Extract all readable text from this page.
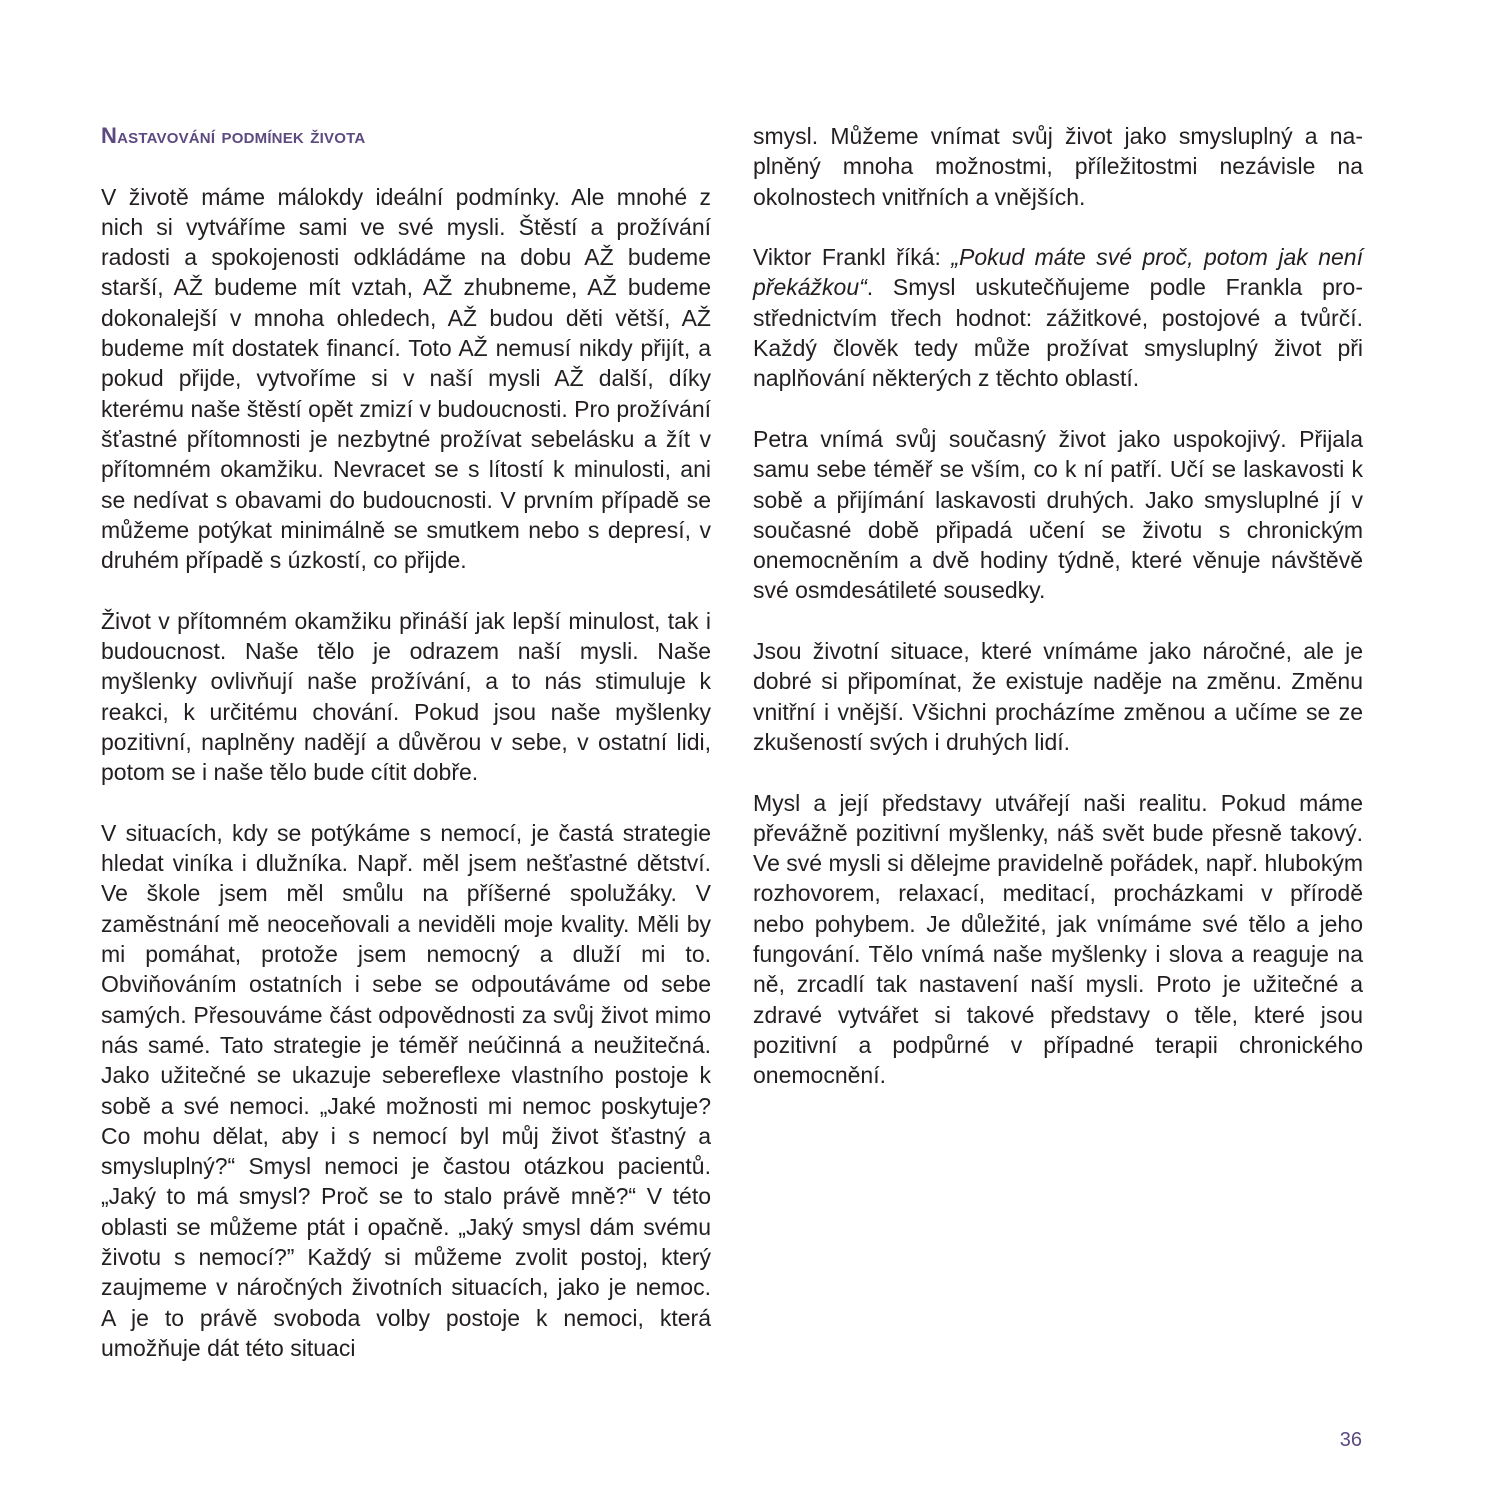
Nastavování podmínek života

V životě máme málokdy ideální podmínky. Ale mnohé z nich si vytváříme sami ve své mysli. Štěstí a prožívání radosti a spokojenosti odkládáme na dobu AŽ budeme starší, AŽ budeme mít vztah, AŽ zhubneme, AŽ budeme dokonalejší v mnoha ohledech, AŽ budou děti větší, AŽ budeme mít dostatek financí. Toto AŽ nemusí nikdy přijít, a pokud přijde, vytvoříme si v naší mysli AŽ další, díky kterému naše štěstí opět zmizí v budoucnosti. Pro prožívání šťastné přítomnosti je nezbytné prožívat sebelásku a žít v přítomném okamžiku. Nevracet se s lítostí k minulosti, ani se nedívat s obavami do budoucnosti. V prvním případě se můžeme potýkat minimálně se smutkem nebo s depresí, v druhém případě s úzkostí, co přijde.

Život v přítomném okamžiku přináší jak lepší minulost, tak i budoucnost. Naše tělo je odrazem naší mysli. Naše myšlenky ovlivňují naše prožívání, a to nás stimuluje k reakci, k určitému chování. Pokud jsou naše myšlenky pozitivní, naplněny nadějí a důvěrou v sebe, v ostatní lidi, potom se i naše tělo bude cítit dobře.

V situacích, kdy se potýkáme s nemocí, je častá strategie hledat viníka i dlužníka. Např. měl jsem nešťastné dětství. Ve škole jsem měl smůlu na příšerné spolužáky. V zaměstnání mě neoceňovali a neviděli moje kvality. Měli by mi pomáhat, protože jsem nemocný a dluží mi to. Obviňováním ostatních i sebe se odpoutáváme od sebe samých. Přesouváme část odpovědnosti za svůj život mimo nás samé. Tato strategie je téměř neúčinná a neužitečná. Jako užitečné se ukazuje sebereflexe vlastního postoje k sobě a své nemoci. „Jaké možnosti mi nemoc poskytuje? Co mohu dělat, aby i s nemocí byl můj život šťastný a smysluplný?“ Smysl nemoci je častou otázkou pacientů. „Jaký to má smysl? Proč se to stalo právě mně?“ V této oblasti se můžeme ptát i opačně. „Jaký smysl dám svému životu s nemocí?” Každý si můžeme zvolit postoj, který zaujmeme v náročných životních situacích, jako je nemoc. A je to právě svoboda volby postoje k nemoci, která umožňuje dát této situaci

smysl. Můžeme vnímat svůj život jako smysluplný a naplněný mnoha možnostmi, příležitostmi nezávisle na okolnostech vnitřních a vnějších.

Viktor Frankl říká: „Pokud máte své proč, potom jak není překážkou“. Smysl uskutečňujeme podle Frankla prostřednictvím třech hodnot: zážitkové, postojové a tvůrčí. Každý člověk tedy může prožívat smysluplný život při naplňování některých z těchto oblastí.

Petra vnímá svůj současný život jako uspokojivý. Přijala samu sebe téměř se vším, co k ní patří. Učí se laskavosti k sobě a přijímání laskavosti druhých. Jako smysluplné jí v současné době připadá učení se životu s chronickým onemocněním a dvě hodiny týdně, které věnuje návštěvě své osmdesátileté sousedky.

Jsou životní situace, které vnímáme jako náročné, ale je dobré si připomínat, že existuje naděje na změnu. Změnu vnitřní i vnější. Všichni procházíme změnou a učíme se ze zkušeností svých i druhých lidí.

Mysl a její představy utvářejí naši realitu. Pokud máme převážně pozitivní myšlenky, náš svět bude přesně takový. Ve své mysli si dělejme pravidelně pořádek, např. hlubokým rozhovorem, relaxací, meditací, procházkami v přírodě nebo pohybem. Je důležité, jak vnímáme své tělo a jeho fungování. Tělo vnímá naše myšlenky i slova a reaguje na ně, zrcadlí tak nastavení naší mysli. Proto je užitečné a zdravé vytvářet si takové představy o těle, které jsou pozitivní a podpůrné v případné terapii chronického onemocnění.

36
